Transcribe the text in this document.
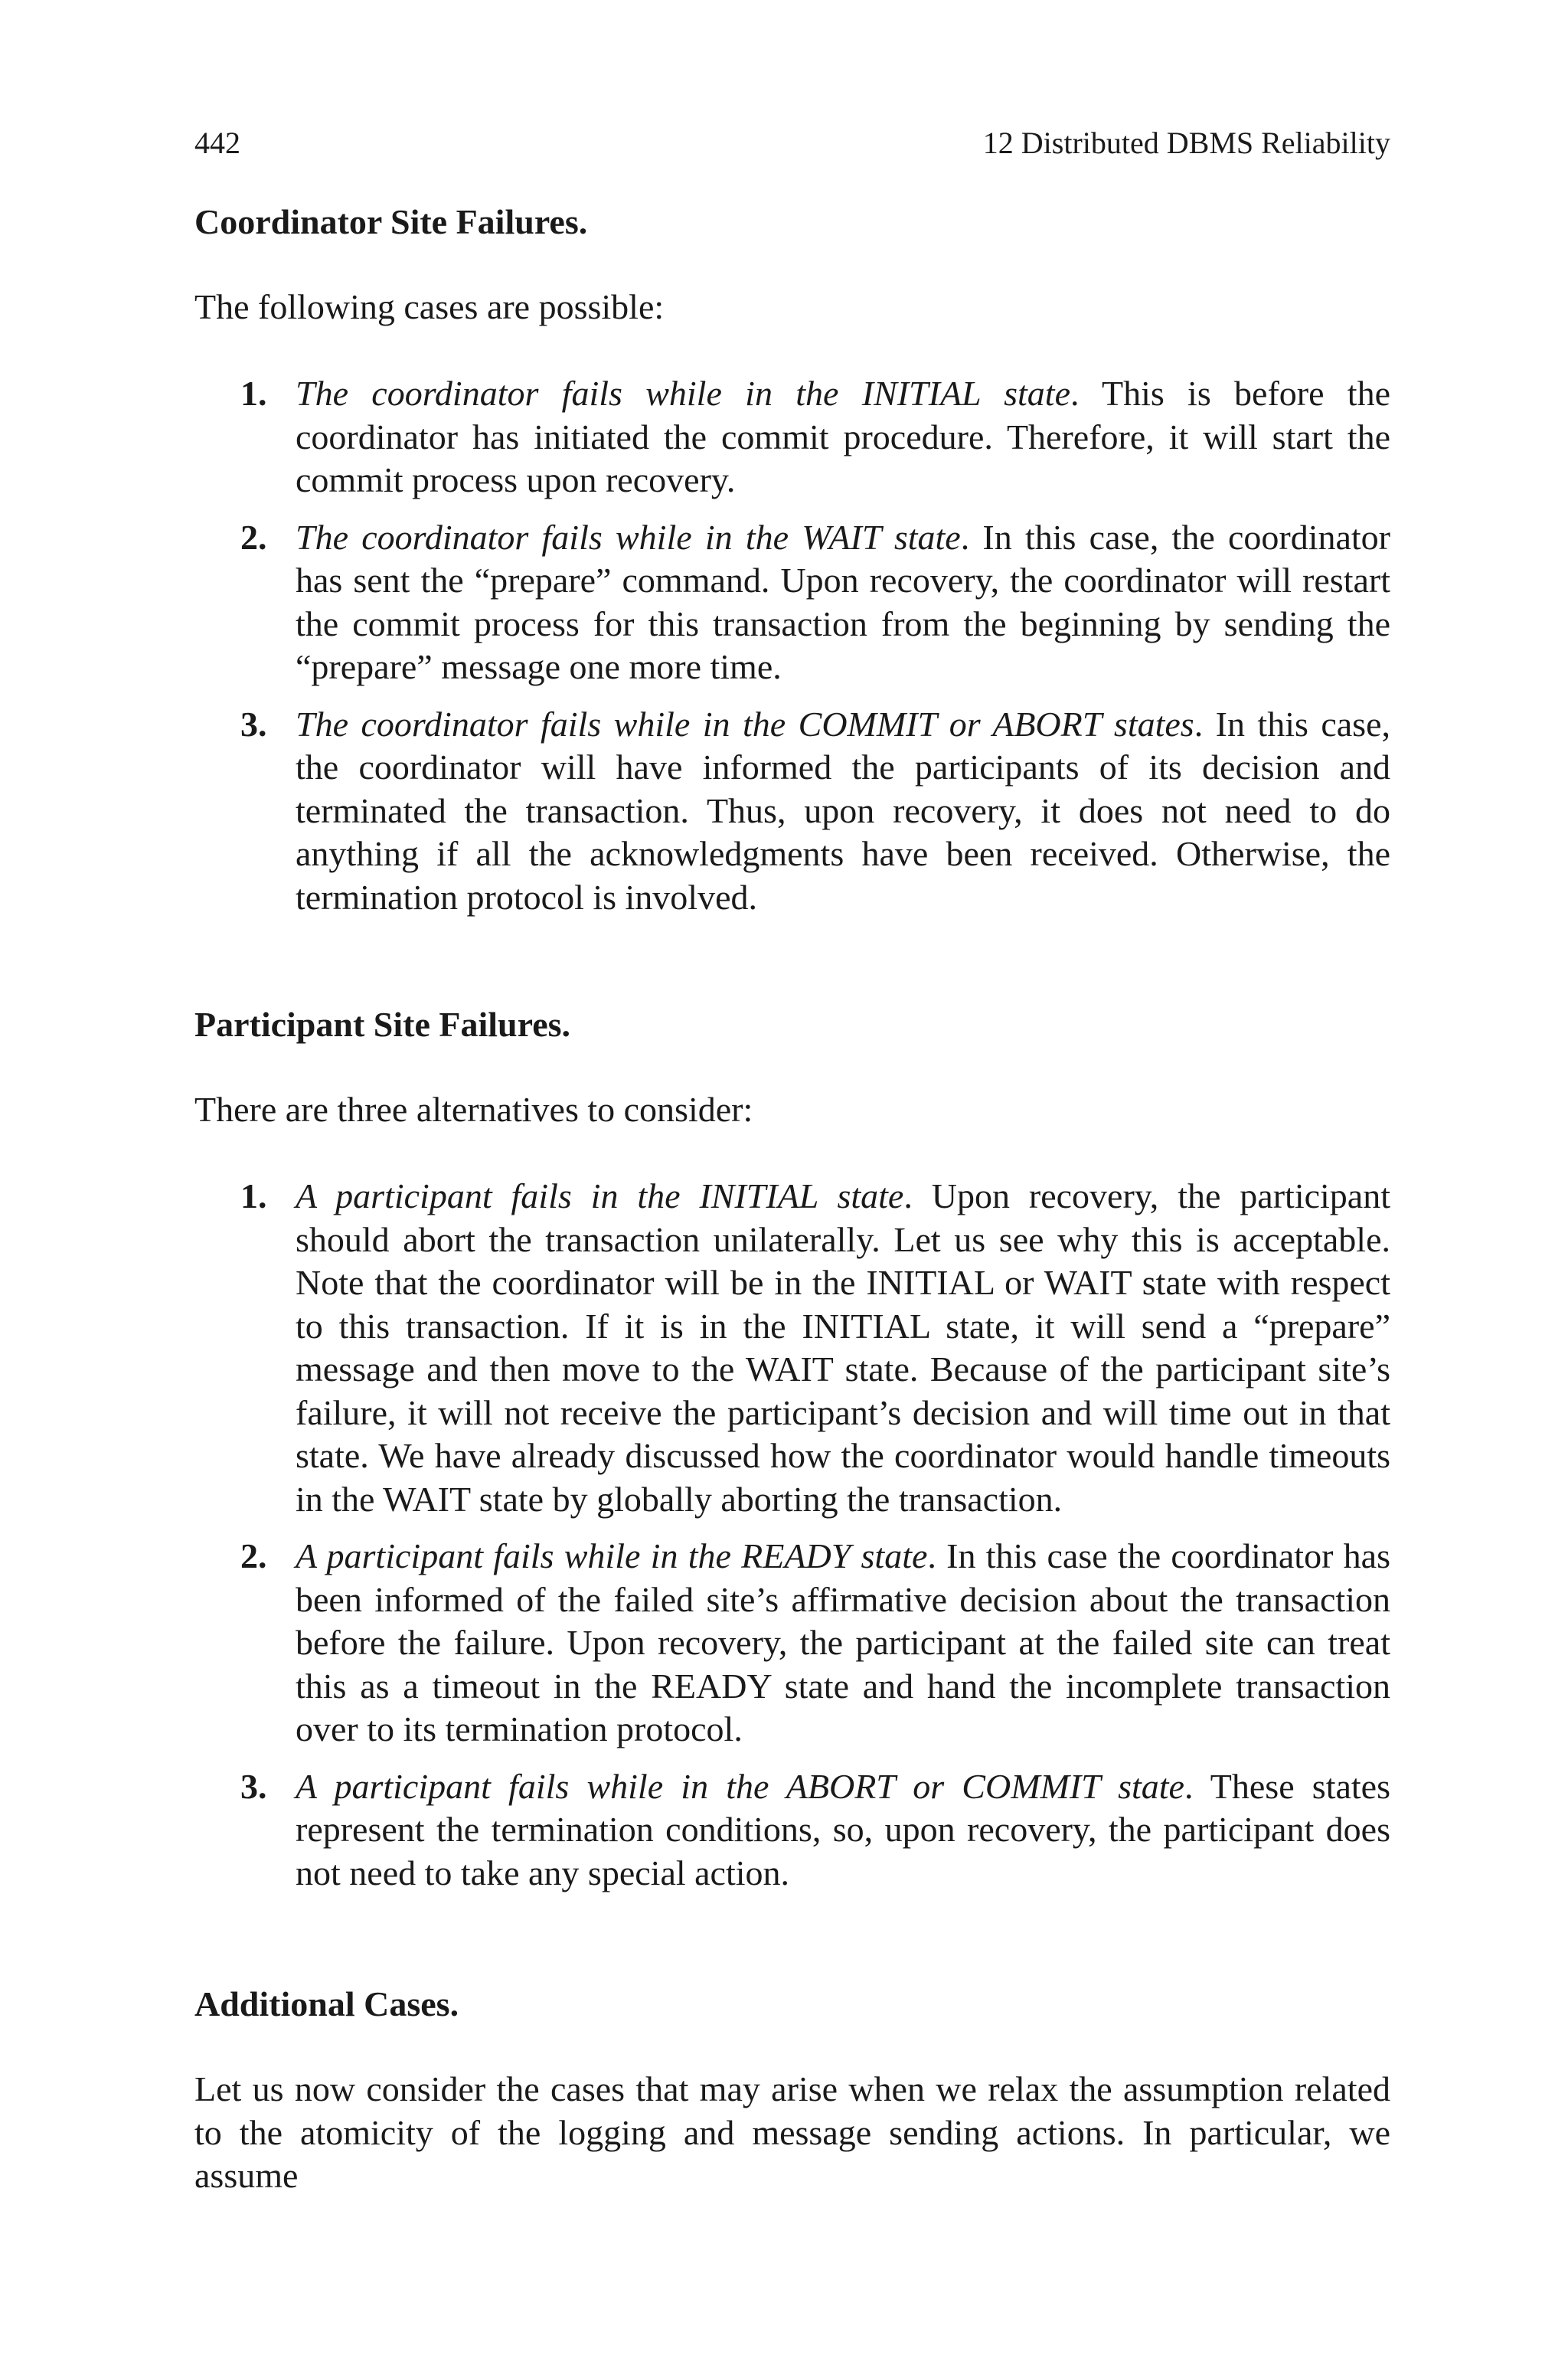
442	12 Distributed DBMS Reliability
Coordinator Site Failures.

The following cases are possible:

1. The coordinator fails while in the INITIAL state. This is before the coordinator has initiated the commit procedure. Therefore, it will start the commit process upon recovery.
2. The coordinator fails while in the WAIT state. In this case, the coordinator has sent the “prepare” command. Upon recovery, the coordinator will restart the commit process for this transaction from the beginning by sending the “prepare” message one more time.
3. The coordinator fails while in the COMMIT or ABORT states. In this case, the coordinator will have informed the participants of its decision and terminated the transaction. Thus, upon recovery, it does not need to do anything if all the acknowledgments have been received. Otherwise, the termination protocol is involved.
Participant Site Failures.

There are three alternatives to consider:

1. A participant fails in the INITIAL state. Upon recovery, the participant should abort the transaction unilaterally. Let us see why this is acceptable. Note that the coordinator will be in the INITIAL or WAIT state with respect to this transaction. If it is in the INITIAL state, it will send a “prepare” message and then move to the WAIT state. Because of the participant site’s failure, it will not receive the participant’s decision and will time out in that state. We have already discussed how the coordinator would handle timeouts in the WAIT state by globally aborting the transaction.
2. A participant fails while in the READY state. In this case the coordinator has been informed of the failed site’s affirmative decision about the transaction before the failure. Upon recovery, the participant at the failed site can treat this as a timeout in the READY state and hand the incomplete transaction over to its termination protocol.
3. A participant fails while in the ABORT or COMMIT state. These states represent the termination conditions, so, upon recovery, the participant does not need to take any special action.
Additional Cases.

Let us now consider the cases that may arise when we relax the assumption related to the atomicity of the logging and message sending actions. In particular, we assume
